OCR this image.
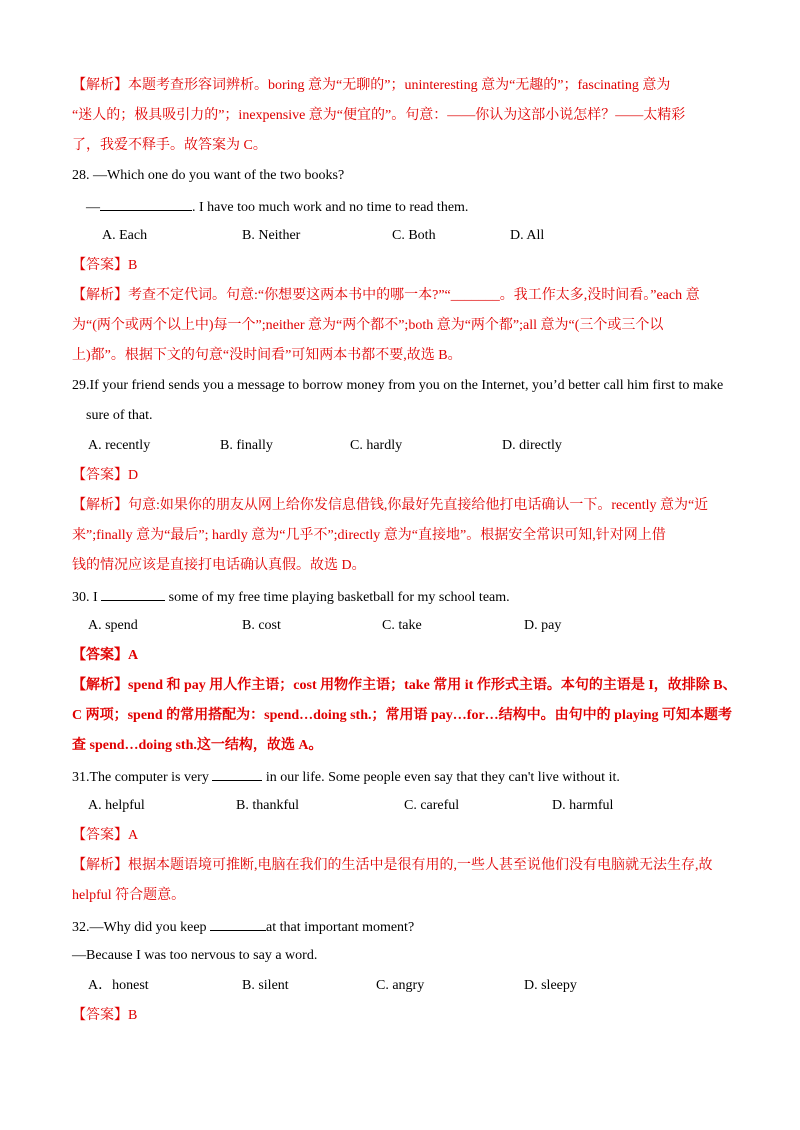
【解析】本题考查形容词辨析。boring 意为“无聊的”；uninteresting 意为“无趣的”；fascinating 意为
“迷人的；极具吸引力的”；inexpensive 意为“便宜的”。句意：——你认为这部小说怎样？——太精彩
了，我爱不释手。故答案为 C。
28. —Which one do you want of the two books?
—	. I have too much work and no time to read them.
A. Each	B. Neither	C. Both	D. All
【答案】B
【解析】考查不定代词。句意:“你想要这两本书中的哪一本?”“_______。我工作太多,没时间看。”each 意
为“(两个或两个以上中)每一个”;neither 意为“两个都不”;both 意为“两个都”;all 意为“(三个或三个以
上)都”。根据下文的句意“没时间看”可知两本书都不要,故选 B。
29.If your friend sends you a message to borrow money from you on the Internet, you’d better call him first to make
sure of that.
A. recently	B. finally	C. hardly	D. directly
【答案】D
【解析】句意:如果你的朋友从网上给你发信息借钱,你最好先直接给他打电话确认一下。recently 意为“近
来”;finally 意为“最后”; hardly 意为“几乎不”;directly 意为“直接地”。根据安全常识可知,针对网上借
钱的情况应该是直接打电话确认真假。故选 D。
30. I	some of my free time playing basketball for my school team.
A. spend	B. cost	C. take	D. pay
【答案】A
【解析】spend 和 pay 用人作主语；cost 用物作主语；take 常用 it 作形式主语。本句的主语是 I，故排除 B、
C 两项；spend 的常用搭配为：spend…doing sth.；常用语 pay…for…结构中。由句中的 playing 可知本题考
查 spend…doing sth.这一结构，故选 A。
31.The computer is very	in our life. Some people even say that they can't live without it.
A. helpful	B. thankful	C. careful	D. harmful
【答案】A
【解析】根据本题语境可推断,电脑在我们的生活中是很有用的,一些人甚至说他们没有电脑就无法生存,故
helpful 符合题意。
32.—Why did you keep	at that important moment?
—Because I was too nervous to say a word.
A．honest	B. silent	C. angry	D. sleepy
【答案】B
